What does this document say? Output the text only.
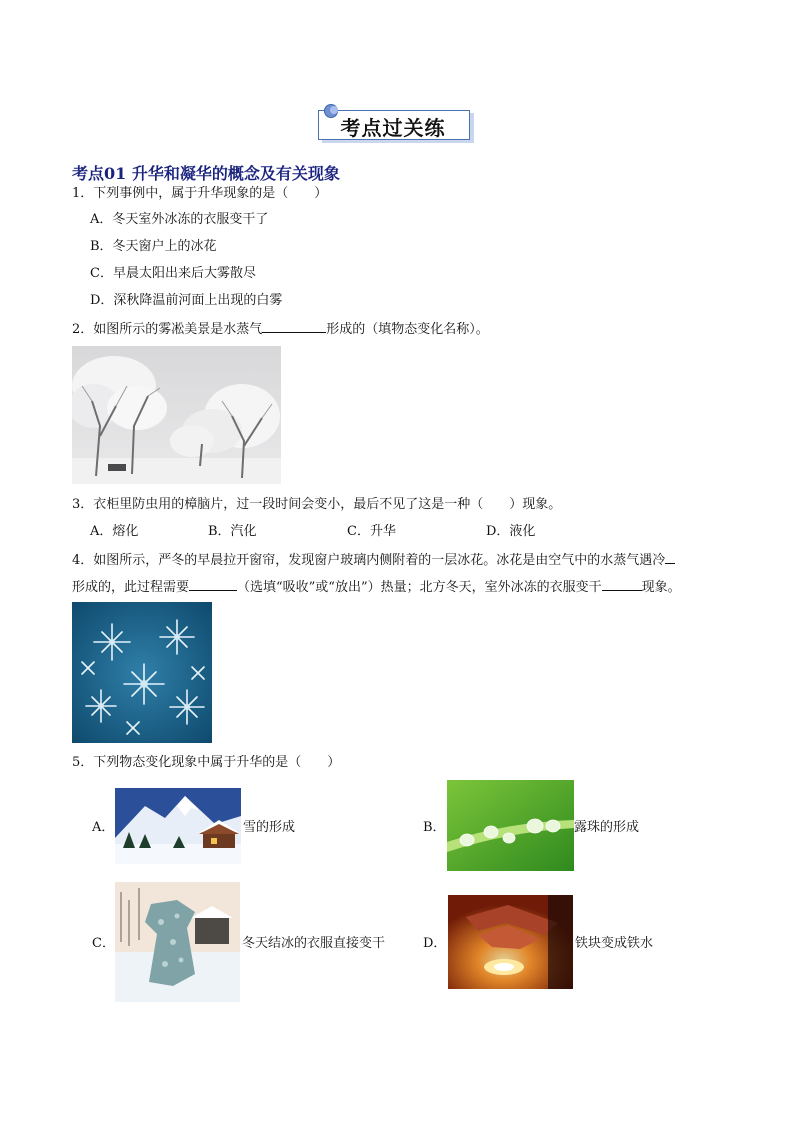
考点过关练
考点01 升华和凝华的概念及有关现象
1．下列事例中，属于升华现象的是（　　）
A．冬天室外冰冻的衣服变干了
B．冬天窗户上的冰花
C．早晨太阳出来后大雾散尽
D．深秋降温前河面上出现的白雾
2．如图所示的雾凇美景是水蒸气	形成的（填物态变化名称）。
3．衣柜里防虫用的樟脑片，过一段时间会变小，最后不见了这是一种（　　）现象。
A．熔化	B．汽化	C．升华	D．液化
4．如图所示，严冬的早晨拉开窗帘，发现窗户玻璃内侧附着的一层冰花。冰花是由空气中的水蒸气遇冷
形成的，此过程需要	（选填“吸收”或“放出”）热量；北方冬天，室外冰冻的衣服变干	现象。
5．下列物态变化现象中属于升华的是（　　）
A．	雪的形成	B．	露珠的形成
C．	冬天结冰的衣服直接变干	D．	铁块变成铁水
